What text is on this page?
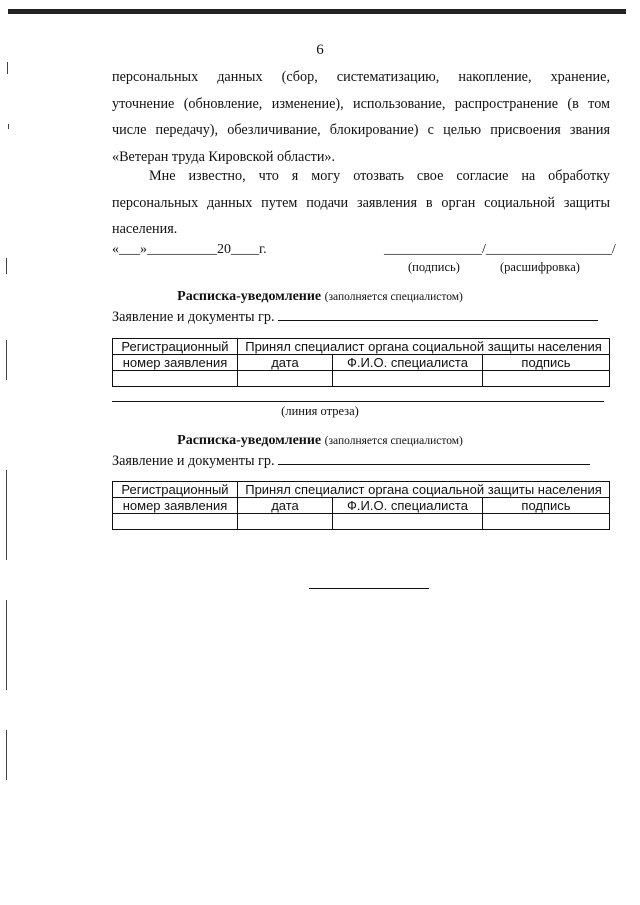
6
персональных данных (сбор, систематизацию, накопление, хранение,
уточнение (обновление, изменение), использование, распространение (в том
числе передачу), обезличивание, блокирование) с целью присвоения звания
«Ветеран труда Кировской области».
Мне известно, что я могу отозвать свое согласие на обработку
персональных данных путем подачи заявления в орган социальной защиты
населения.
«___»__________20____г.	______________/__________________/
(подпись)	(расшифровка)
Расписка-уведомление (заполняется специалистом)
Заявление и документы гр.
Регистрационный	Принял специалист органа социальной защиты населения		
номер заявления	дата	Ф.И.О. специалиста	подпись

(линия отреза)
Расписка-уведомление (заполняется специалистом)
Заявление и документы гр.
Регистрационный	Принял специалист органа социальной защиты населения		
номер заявления	дата	Ф.И.О. специалиста	подпись
